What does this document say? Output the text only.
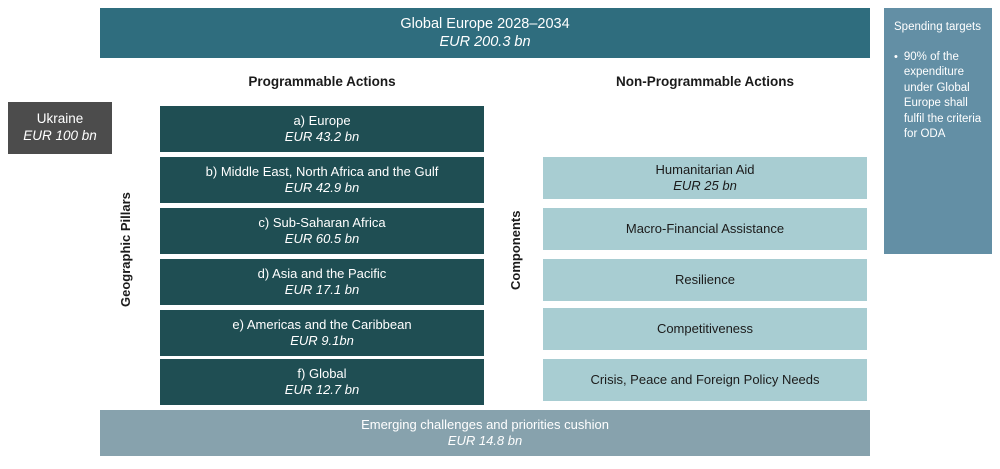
Global Europe 2028–2034
EUR 200.3 bn
Ukraine
EUR 100 bn
Spending targets
• 90% of the expenditure under Global Europe shall fulfil the criteria for ODA
Programmable Actions	Non-Programmable Actions
Geographic Pillars	Components
a) Europe
EUR 43.2 bn
b) Middle East, North Africa and the Gulf
EUR 42.9 bn
c) Sub-Saharan Africa
EUR 60.5 bn
d) Asia and the Pacific
EUR 17.1 bn
e) Americas and the Caribbean
EUR 9.1bn
f) Global
EUR 12.7 bn
Humanitarian Aid
EUR 25 bn
Macro-Financial Assistance
Resilience
Competitiveness
Crisis, Peace and Foreign Policy Needs
Emerging challenges and priorities cushion
EUR 14.8 bn
